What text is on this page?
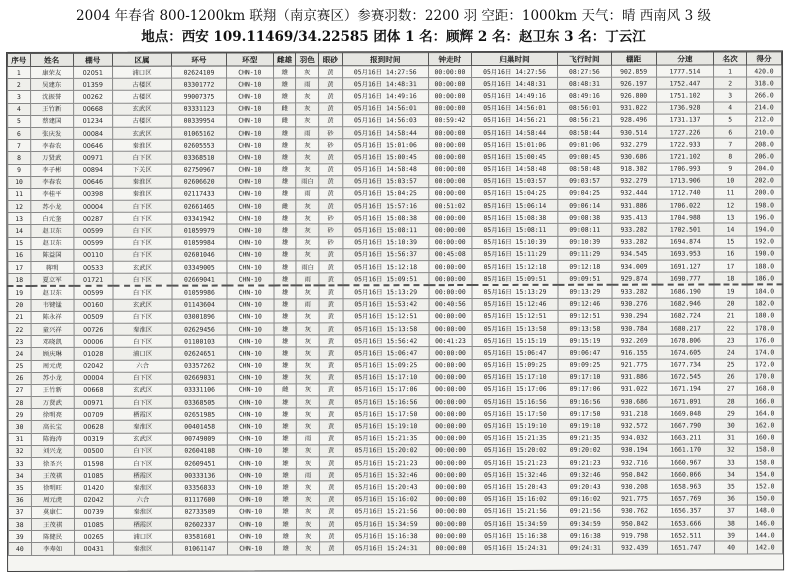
2004 年春省 800-1200km 联翔（南京赛区）参赛羽数：2200 羽 空距：1000km 天气：晴 西南风 3 级
地点：西安 109.11469/34.22585 团体 1 名：顾辉 2 名：赵卫东 3 名：丁云江
序号	姓名	棚号	区属	环号	环型	雌雄	羽色	眼砂	报到时间	钟走时	归巢时间	飞行时间	棚距	分速	名次	得分
1	康荣友	02051	浦口区	02624109	CHN-10	雄	灰	黄	05月16日 14:27:56	00:00:00	05月16日 14:27:56	08:27:56	902.859	1777.514	1	420.0
2	吴建东	01359	古楼区	03301772	CHN-10	雄	雨	黄	05月16日 14:48:31	00:00:00	05月16日 14:48:31	08:48:31	926.197	1752.447	2	318.0
3	沈振誉	00262	古楼区	99007375	CHN-10	雄	灰	黄	05月16日 14:49:16	00:00:00	05月16日 14:49:16	08:49:16	926.800	1751.102	3	266.0
4	王竹新	00668	玄武区	03331123	CHN-10	雌	灰	黄	05月16日 14:56:01	00:00:00	05月16日 14:56:01	08:56:01	931.022	1736.928	4	214.0
5	蔡建国	01234	古楼区	00339954	CHN-10	雌	灰	黄	05月16日 14:56:03	00:59:42	05月16日 14:56:21	08:56:21	928.496	1731.137	5	212.0
6	张庆发	00084	玄武区	01065162	CHN-10	雄	雨	砂	05月16日 14:58:44	00:00:00	05月16日 14:58:44	08:58:44	930.514	1727.226	6	210.0
7	李春农	00646	秦淮区	02605553	CHN-10	雄	灰	砂	05月16日 15:01:06	00:00:00	05月16日 15:01:06	09:01:06	932.279	1722.933	7	208.0
8	万贤武	00971	白下区	03368510	CHN-10	雄	灰	黄	05月16日 15:00:45	00:00:00	05月16日 15:00:45	09:00:45	930.686	1721.102	8	206.0
9	李子彬	00894	下关区	02750967	CHN-10	雄	灰	黄	05月16日 14:58:48	00:00:00	05月16日 14:58:48	08:58:48	918.382	1706.993	9	204.0
10	李春农	00646	秦淮区	02606620	CHN-10	雄	雨白	黄	05月16日 15:03:57	00:00:00	05月16日 15:03:57	09:03:57	932.279	1713.906	10	202.0
11	李桂平	00398	秦淮区	02117433	CHN-10	雄	雨	黄	05月16日 15:04:25	00:00:00	05月16日 15:04:25	09:04:25	932.444	1712.740	11	200.0
12	苏小龙	00004	白下区	02661465	CHN-10	雌	灰	黄	05月16日 15:57:16	00:51:02	05月16日 15:06:14	09:06:14	931.886	1706.022	12	198.0
13	白元奎	00287	白下区	03341942	CHN-10	雄	灰	砂	05月16日 15:08:38	00:00:00	05月16日 15:08:38	09:08:38	935.413	1704.988	13	196.0
14	赵卫东	00599	白下区	01059979	CHN-10	雄	灰	砂	05月16日 15:08:11	00:00:00	05月16日 15:08:11	09:08:11	933.282	1702.501	14	194.0
15	赵卫东	00599	白下区	01059984	CHN-10	雄	灰	砂	05月16日 15:10:39	00:00:00	05月16日 15:10:39	09:10:39	933.282	1694.874	15	192.0
16	陈益国	00110	白下区	02601046	CHN-10	雄	灰	黄	05月16日 15:56:37	00:45:08	05月16日 15:11:29	09:11:29	934.545	1693.953	16	190.0
17	蒋明	00533	玄武区	03349005	CHN-10	雄	雨白	黄	05月16日 15:12:18	00:00:00	05月16日 15:12:18	09:12:18	934.009	1691.127	17	188.0
18	夏立军	01721	白下区	02669041	CHN-10	雄	雨	黄	05月16日 15:09:51	00:00:00	05月16日 15:09:51	09:09:51	929.874	1690.777	18	186.0
19	赵卫东	00599	白下区	01059986	CHN-10	雄	灰	黄	05月16日 15:13:29	00:00:00	05月16日 15:13:29	09:13:29	933.282	1686.190	19	184.0
20	韦键锰	00160	玄武区	01143604	CHN-10	雄	雨	黄	05月16日 15:53:42	00:40:56	05月16日 15:12:46	09:12:46	930.276	1682.946	20	182.0
21	陈永祥	00509	白下区	03001896	CHN-10	雄	灰	黄	05月16日 15:12:51	00:00:00	05月16日 15:12:51	09:12:51	930.294	1682.724	21	180.0
22	童兴祥	00726	秦淮区	02629456	CHN-10	雄	灰	黄	05月16日 15:13:58	00:00:00	05月16日 15:13:58	09:13:58	930.784	1680.217	22	178.0
23	邓晓凯	00006	白下区	01100103	CHN-10	雄	灰	黄	05月16日 15:56:42	00:41:23	05月16日 15:15:19	09:15:19	932.269	1678.806	23	176.0
24	顾庆琳	01028	浦口区	02624651	CHN-10	雄	灰	黄	05月16日 15:06:47	00:00:00	05月16日 15:06:47	09:06:47	916.155	1674.605	24	174.0
25	周元虎	02042	六合	03357262	CHN-10	雄	灰	黄	05月16日 15:09:25	00:00:00	05月16日 15:09:25	09:09:25	921.775	1677.734	25	172.0
26	苏小龙	00004	白下区	02669031	CHN-10	雄	灰	黄	05月16日 15:17:10	00:00:00	05月16日 15:17:10	09:17:10	931.886	1672.545	26	170.0
27	王竹新	00668	玄武区	03331106	CHN-10	雌	灰	黄	05月16日 15:17:06	00:00:00	05月16日 15:17:06	09:17:06	931.022	1671.194	27	168.0
28	万贤武	00971	白下区	03368505	CHN-10	雄	灰	黄	05月16日 15:16:56	00:00:00	05月16日 15:16:56	09:16:56	930.686	1671.091	28	166.0
29	徐明亮	00709	栖霞区	02651985	CHN-10	雄	灰	黄	05月16日 15:17:50	00:00:00	05月16日 15:17:50	09:17:50	931.218	1669.048	29	164.0
30	高长宝	00628	秦淮区	00401458	CHN-10	雄	灰	黄	05月16日 15:19:10	00:00:00	05月16日 15:19:10	09:19:10	932.572	1667.790	30	162.0
31	陈海涛	00319	玄武区	00749009	CHN-10	雄	雨	黄	05月16日 15:21:35	00:00:00	05月16日 15:21:35	09:21:35	934.032	1663.211	31	160.0
32	刘兴龙	00500	白下区	02604108	CHN-10	雄	灰	黄	05月16日 15:20:02	00:00:00	05月16日 15:20:02	09:20:02	930.194	1661.170	32	158.0
33	徐圣兴	01598	白下区	02609451	CHN-10	雄	灰	黄	05月16日 15:21:23	00:00:00	05月16日 15:21:23	09:21:23	932.716	1660.967	33	158.0
34	王茂祺	01085	栖霞区	00333136	CHN-10	雄	雨	黄	05月16日 15:32:46	00:00:00	05月16日 15:32:46	09:32:46	950.842	1660.066	34	154.0
35	徐明旺	01420	秦淮区	03356833	CHN-10	雄	灰	黄	05月16日 15:20:43	00:00:00	05月16日 15:20:43	09:20:43	930.208	1658.963	35	152.0
36	周元虎	02042	六合	01117600	CHN-10	雄	灰	黄	05月16日 15:16:02	00:00:00	05月16日 15:16:02	09:16:02	921.775	1657.769	36	150.0
37	莫康仁	00739	秦淮区	02733509	CHN-10	雄	灰	黄	05月16日 15:21:56	00:00:00	05月16日 15:21:56	09:21:56	930.762	1656.357	37	148.0
38	王茂祺	01085	栖霞区	02602337	CHN-10	雄	灰	黄	05月16日 15:34:59	00:00:00	05月16日 15:34:59	09:34:59	950.842	1653.666	38	146.0
39	陈健民	00265	浦口区	03581601	CHN-10	雄	灰	黄	05月16日 15:16:38	00:00:00	05月16日 15:16:38	09:16:38	919.798	1652.511	39	144.0
40	李寿如	00431	秦淮区	01061147	CHN-10	雄	灰	黄	05月16日 15:24:31	00:00:00	05月16日 15:24:31	09:24:31	932.439	1651.747	40	142.0
